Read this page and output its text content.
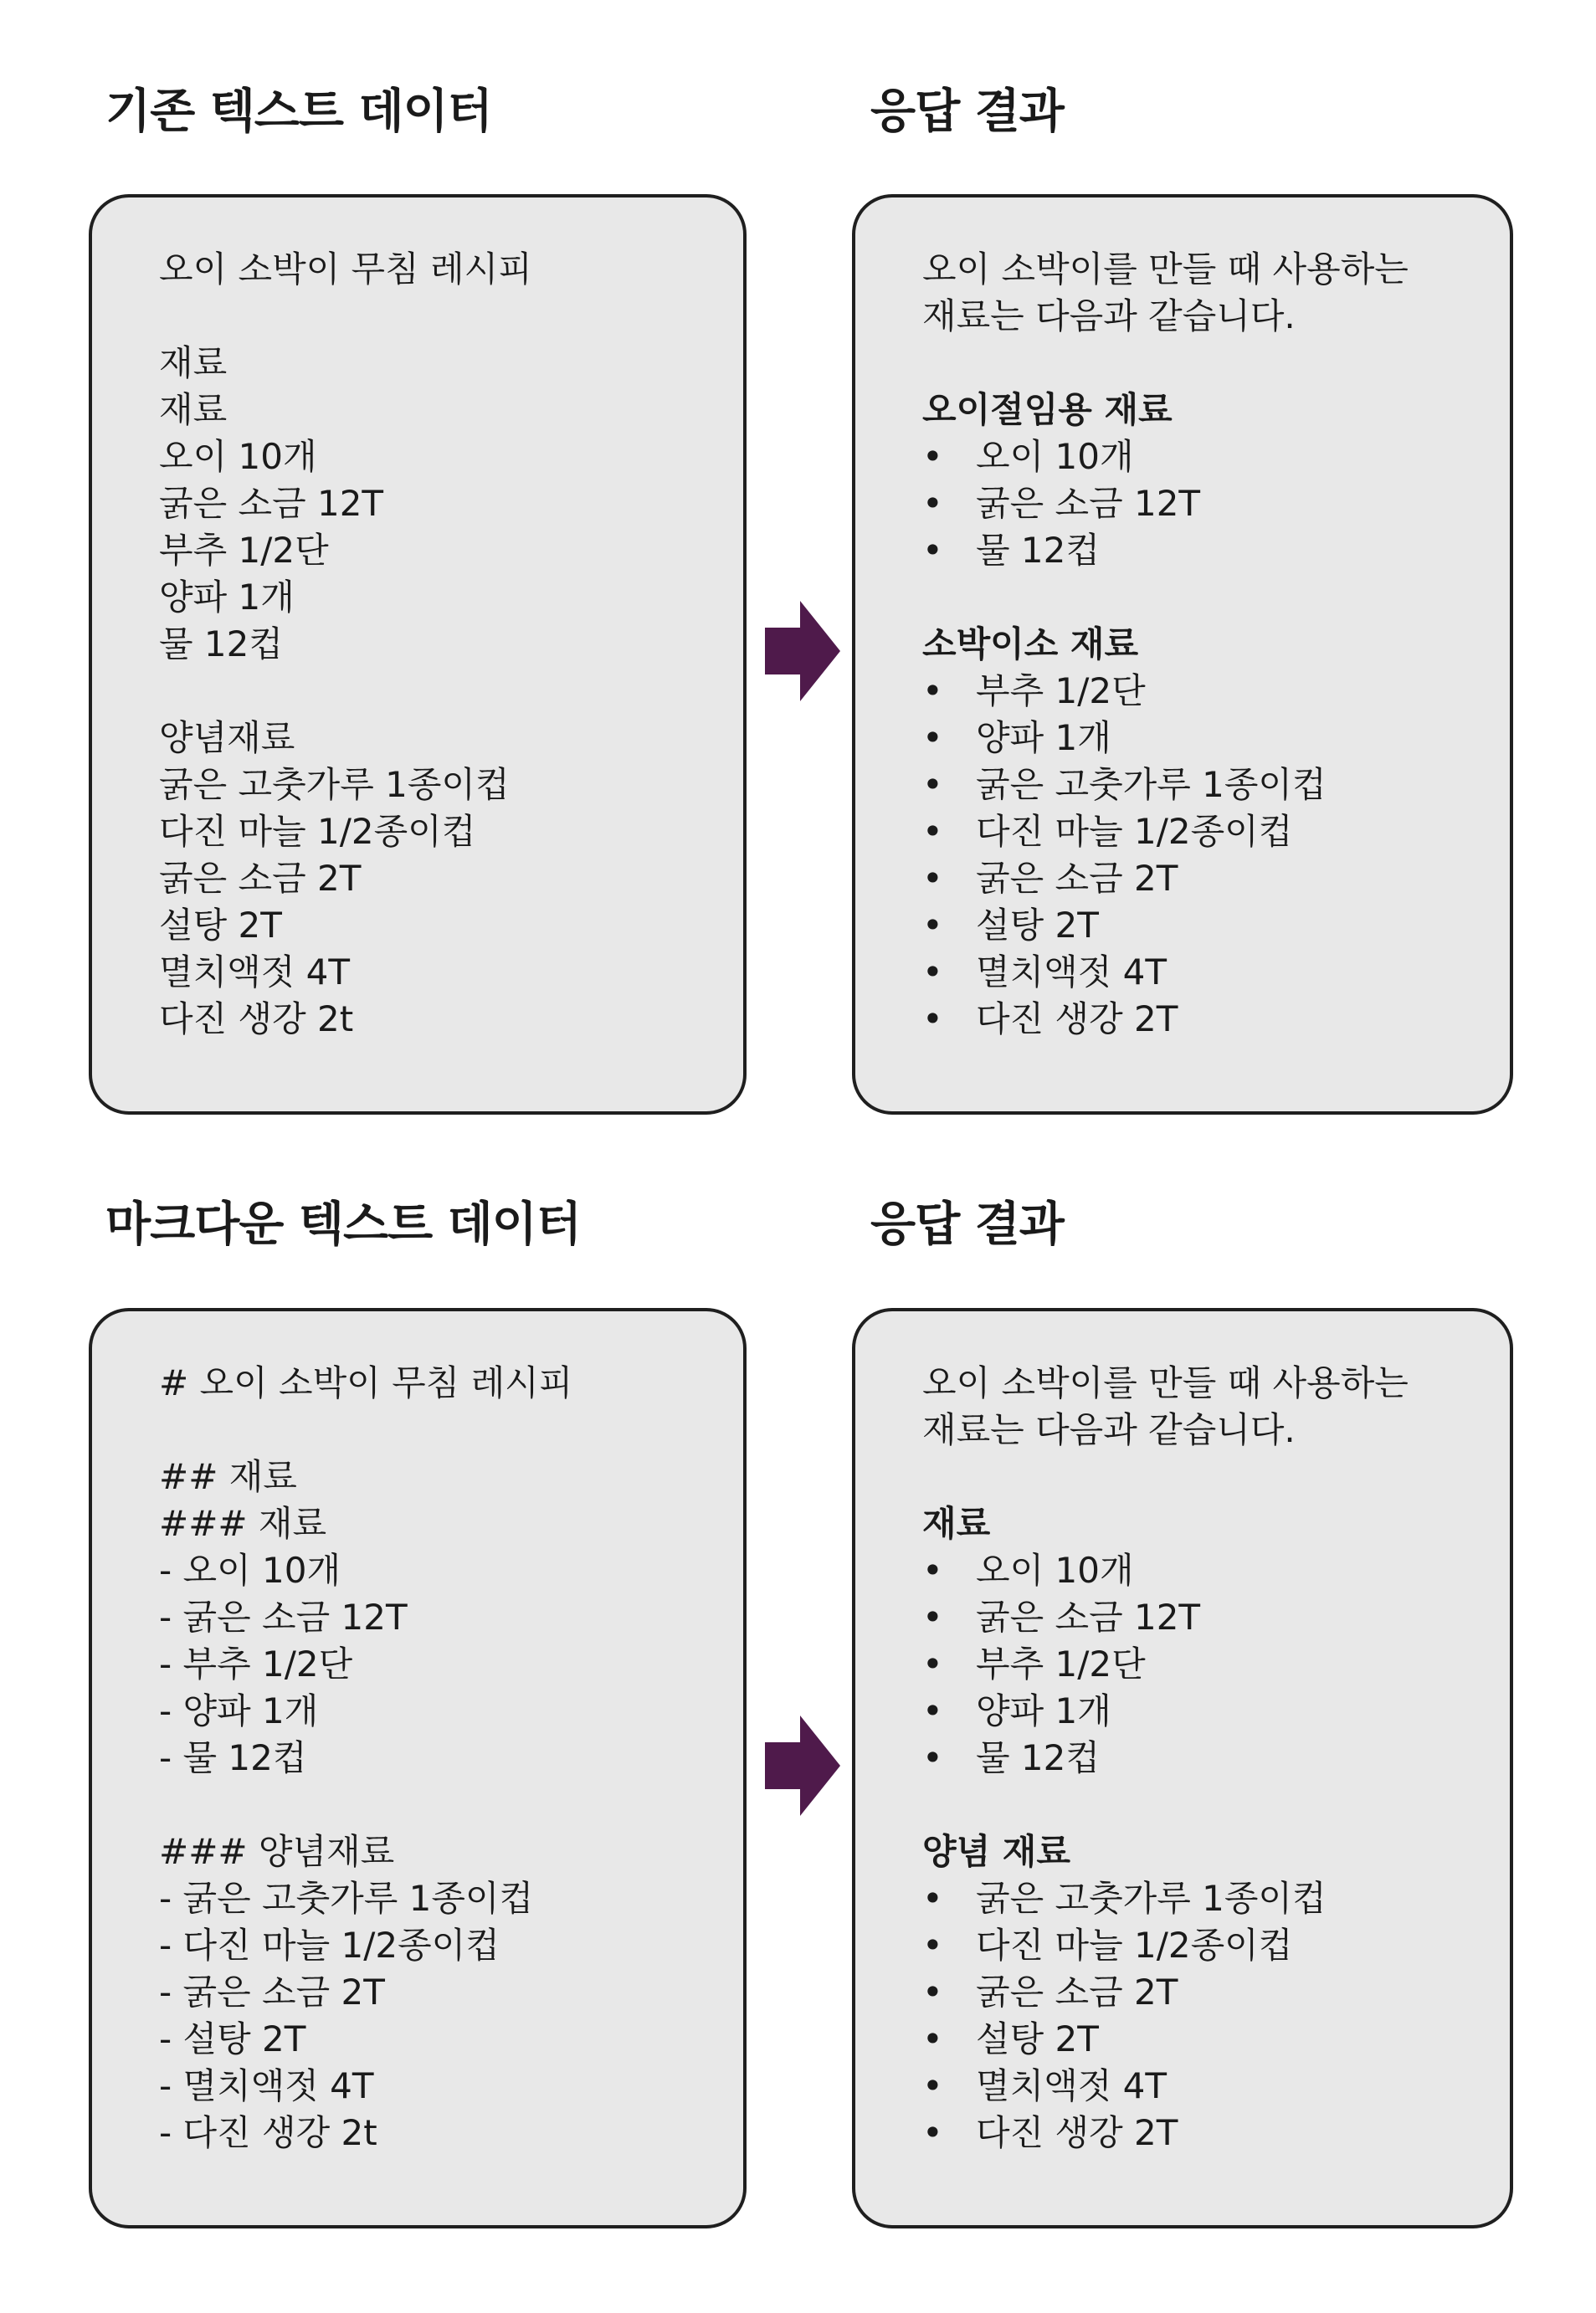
기존 텍스트 데이터	응답 결과
오이 소박이 무침 레시피
재료
재료
오이 10개
굵은 소금 12T
부추 1/2단
양파 1개
물 12컵
양념재료
굵은 고춧가루 1종이컵
다진 마늘 1/2종이컵
굵은 소금 2T
설탕 2T
멸치액젓 4T
다진 생강 2t
오이 소박이를 만들 때 사용하는
재료는 다음과 같습니다.
오이절임용 재료
• 오이 10개
• 굵은 소금 12T
• 물 12컵
소박이소 재료
• 부추 1/2단
• 양파 1개
• 굵은 고춧가루 1종이컵
• 다진 마늘 1/2종이컵
• 굵은 소금 2T
• 설탕 2T
• 멸치액젓 4T
• 다진 생강 2T
마크다운 텍스트 데이터	응답 결과
# 오이 소박이 무침 레시피
## 재료
### 재료
- 오이 10개
- 굵은 소금 12T
- 부추 1/2단
- 양파 1개
- 물 12컵
### 양념재료
- 굵은 고춧가루 1종이컵
- 다진 마늘 1/2종이컵
- 굵은 소금 2T
- 설탕 2T
- 멸치액젓 4T
- 다진 생강 2t
오이 소박이를 만들 때 사용하는
재료는 다음과 같습니다.
재료
• 오이 10개
• 굵은 소금 12T
• 부추 1/2단
• 양파 1개
• 물 12컵
양념 재료
• 굵은 고춧가루 1종이컵
• 다진 마늘 1/2종이컵
• 굵은 소금 2T
• 설탕 2T
• 멸치액젓 4T
• 다진 생강 2T
